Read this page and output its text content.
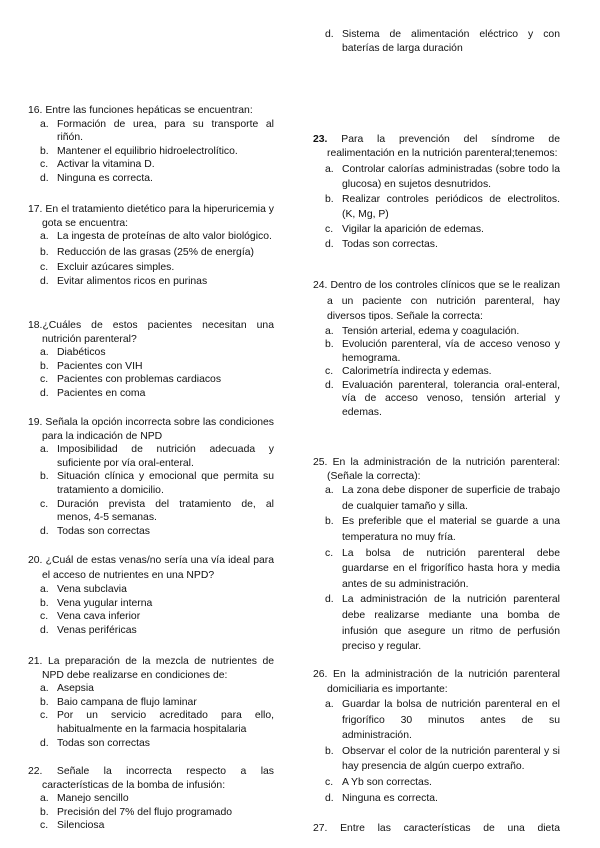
16. Entre las funciones hepáticas se encuentran:
a. Formación de urea, para su transporte al riñón.
b. Mantener el equilibrio hidroelectrolítico.
c. Activar la vitamina D.
d. Ninguna es correcta.
17. En el tratamiento dietético para la hiperuricemia y gota se encuentra:
a. La ingesta de proteínas de alto valor biológico.
b. Reducción de las grasas (25% de energía)
c. Excluir azúcares simples.
d. Evitar alimentos ricos en purinas
18.¿Cuáles de estos pacientes necesitan una nutrición parenteral?
a. Diabéticos
b. Pacientes con VIH
c. Pacientes con problemas cardiacos
d. Pacientes en coma
19. Señala la opción incorrecta sobre las condiciones para la indicación de NPD
a. Imposibilidad de nutrición adecuada y suficiente por vía oral-enteral.
b. Situación clínica y emocional que permita su tratamiento a domicilio.
c. Duración prevista del tratamiento de, al menos, 4-5 semanas.
d. Todas son correctas
20. ¿Cuál de estas venas/no sería una vía ideal para el acceso de nutrientes en una NPD?
a. Vena subclavia
b. Vena yugular interna
c. Vena cava inferior
d. Venas periféricas
21. La preparación de la mezcla de nutrientes de NPD debe realizarse en condiciones de:
a. Asepsia
b. Baio campana de flujo laminar
c. Por un servicio acreditado para ello, habitualmente en la farmacia hospitalaria
d. Todas son correctas
22. Señale la incorrecta respecto a las características de la bomba de infusión:
a. Manejo sencillo
b. Precisión del 7% del flujo programado
c. Silenciosa
d. Sistema de alimentación eléctrico y con baterías de larga duración
23. Para la prevención del síndrome de realimentación en la nutrición parenteral;tenemos:
a. Controlar calorías administradas (sobre todo la glucosa) en sujetos desnutridos.
b. Realizar controles periódicos de electrolitos. (K, Mg, P)
c. Vigilar la aparición de edemas.
d. Todas son correctas.
24. Dentro de los controles clínicos que se le realizan a un paciente con nutrición parenteral, hay diversos tipos. Señale la correcta:
a. Tensión arterial, edema y coagulación.
b. Evolución parenteral, vía de acceso venoso y hemograma.
c. Calorimetría indirecta y edemas.
d. Evaluación parenteral, tolerancia oral-enteral, vía de acceso venoso, tensión arterial y edemas.
25. En la administración de la nutrición parenteral: (Señale la correcta):
a. La zona debe disponer de superficie de trabajo de cualquier tamaño y silla.
b. Es preferible que el material se guarde a una temperatura no muy fría.
c. La bolsa de nutrición parenteral debe guardarse en el frigorífico hasta hora y media antes de su administración.
d. La administración de la nutrición parenteral debe realizarse mediante una bomba de infusión que asegure un ritmo de perfusión preciso y regular.
26. En la administración de la nutrición parenteral domiciliaria es importante:
a. Guardar la bolsa de nutrición parenteral en el frigorífico 30 minutos antes de su administración.
b. Observar el color de la nutrición parenteral y si hay presencia de algún cuerpo extraño.
c. A Yb son correctas.
d. Ninguna es correcta.
27. Entre las características de una dieta
